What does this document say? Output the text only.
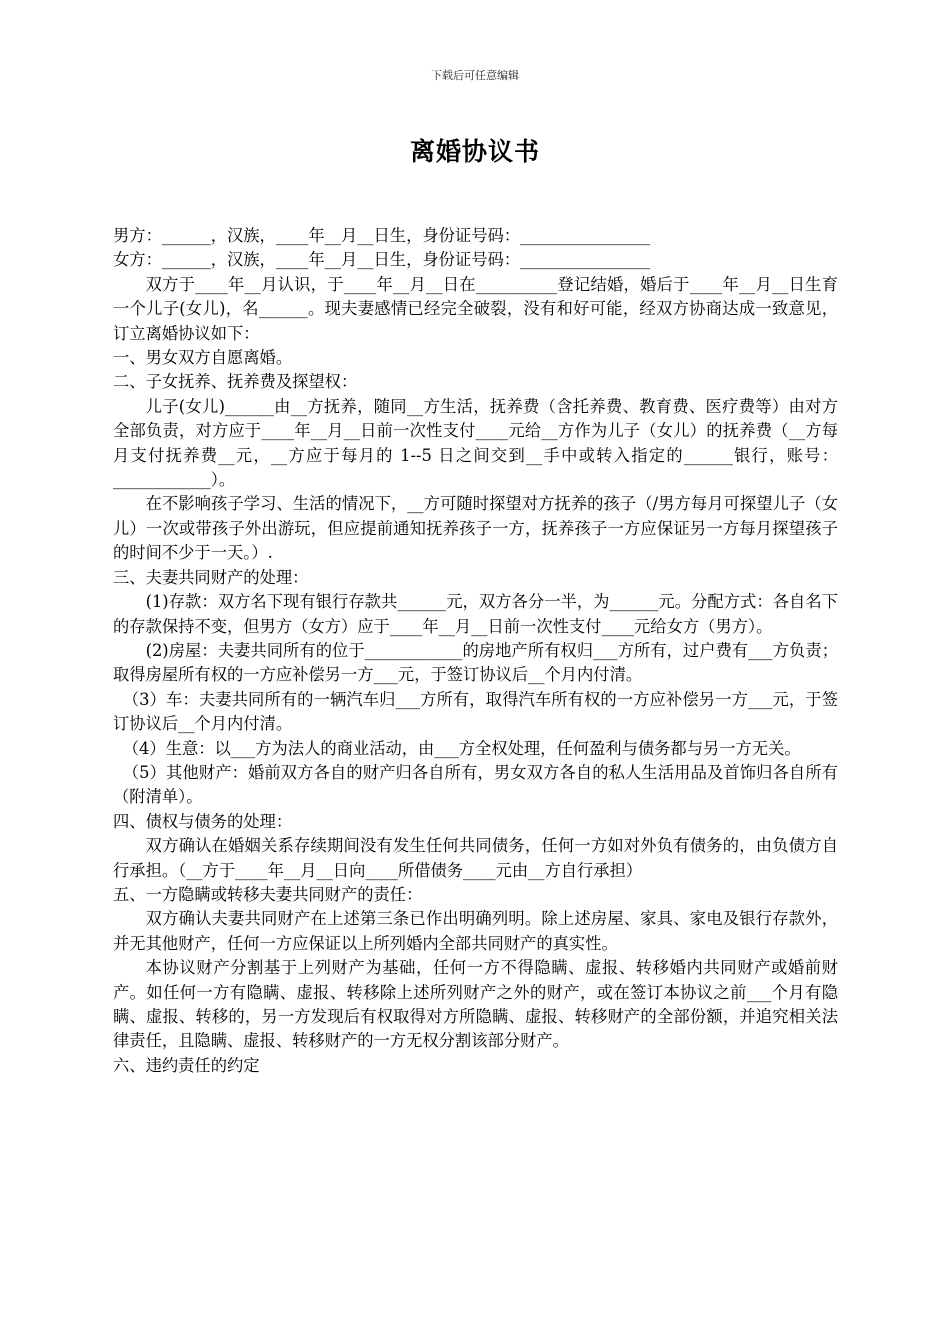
下载后可任意编辑
离婚协议书

男方：______，汉族，____年__月__日生，身份证号码：________________

女方：______，汉族，____年__月__日生，身份证号码：________________

双方于____年__月认识，于____年__月__日在__________登记结婚，婚后于____年__月__日生育一个儿子(女儿)，名______。现夫妻感情已经完全破裂，没有和好可能，经双方协商达成一致意见，订立离婚协议如下：

一、男女双方自愿离婚。

二、子女抚养、抚养费及探望权：

儿子(女儿)______由__方抚养，随同__方生活，抚养费（含托养费、教育费、医疗费等）由对方全部负责，对方应于____年__月__日前一次性支付____元给__方作为儿子（女儿）的抚养费（__方每月支付抚养费__元，__方应于每月的 1--5 日之间交到__手中或转入指定的______银行，账号：____________）。

在不影响孩子学习、生活的情况下，__方可随时探望对方抚养的孩子（/男方每月可探望儿子（女儿）一次或带孩子外出游玩，但应提前通知抚养孩子一方，抚养孩子一方应保证另一方每月探望孩子的时间不少于一天。）.

三、夫妻共同财产的处理：

(1)存款：双方名下现有银行存款共______元，双方各分一半，为______元。分配方式：各自名下的存款保持不变，但男方（女方）应于____年__月__日前一次性支付____元给女方（男方）。

(2)房屋：夫妻共同所有的位于____________的房地产所有权归___方所有，过户费有___方负责；取得房屋所有权的一方应补偿另一方___元，于签订协议后__个月内付清。

（3）车：夫妻共同所有的一辆汽车归___方所有，取得汽车所有权的一方应补偿另一方___元，于签订协议后__个月内付清。

（4）生意：以___方为法人的商业活动，由___方全权处理，任何盈利与债务都与另一方无关。

（5）其他财产：婚前双方各自的财产归各自所有，男女双方各自的私人生活用品及首饰归各自所有（附清单）。

四、债权与债务的处理：

双方确认在婚姻关系存续期间没有发生任何共同债务，任何一方如对外负有债务的，由负债方自行承担。（__方于____年__月__日向____所借债务____元由__方自行承担）

五、一方隐瞒或转移夫妻共同财产的责任：

双方确认夫妻共同财产在上述第三条已作出明确列明。除上述房屋、家具、家电及银行存款外，并无其他财产，任何一方应保证以上所列婚内全部共同财产的真实性。

本协议财产分割基于上列财产为基础，任何一方不得隐瞒、虚报、转移婚内共同财产或婚前财产。如任何一方有隐瞒、虚报、转移除上述所列财产之外的财产，或在签订本协议之前___个月有隐瞒、虚报、转移的，另一方发现后有权取得对方所隐瞒、虚报、转移财产的全部份额，并追究相关法律责任，且隐瞒、虚报、转移财产的一方无权分割该部分财产。

六、违约责任的约定
